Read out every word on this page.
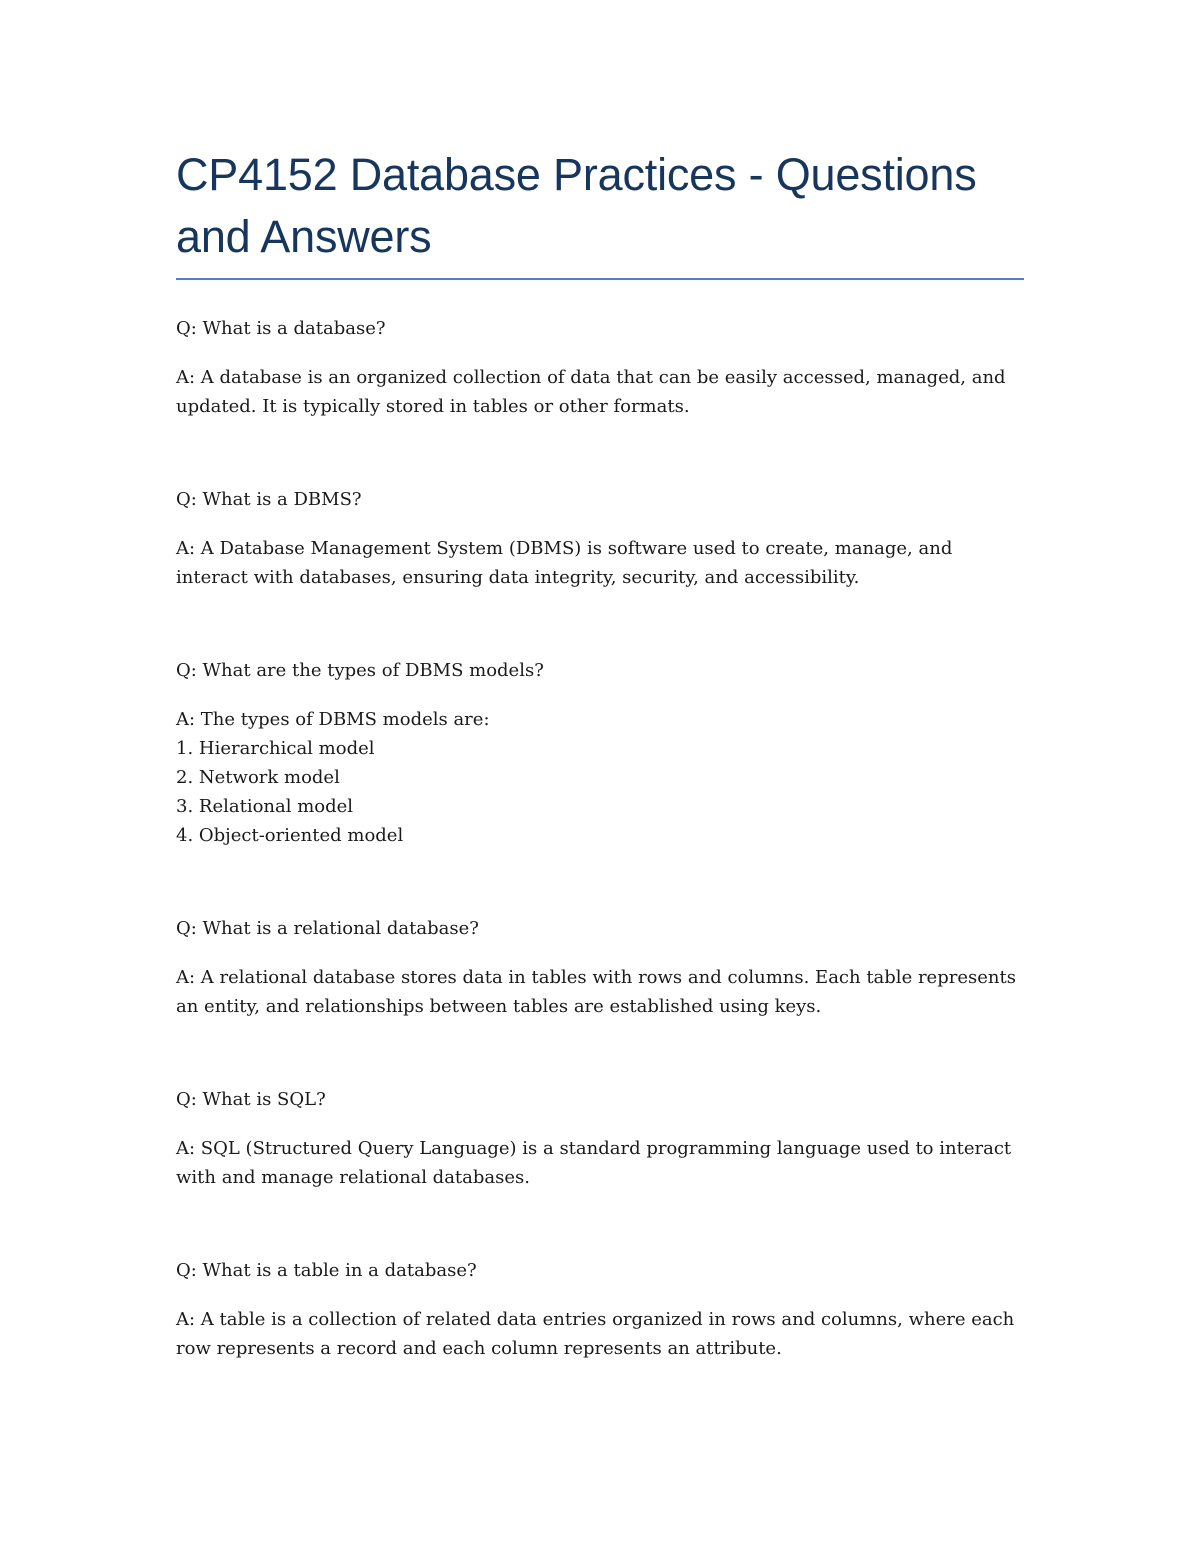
CP4152 Database Practices - Questions and Answers

Q: What is a database?

A: A database is an organized collection of data that can be easily accessed, managed, and updated. It is typically stored in tables or other formats.

Q: What is a DBMS?

A: A Database Management System (DBMS) is software used to create, manage, and interact with databases, ensuring data integrity, security, and accessibility.

Q: What are the types of DBMS models?

A: The types of DBMS models are:
1. Hierarchical model
2. Network model
3. Relational model
4. Object-oriented model

Q: What is a relational database?

A: A relational database stores data in tables with rows and columns. Each table represents an entity, and relationships between tables are established using keys.

Q: What is SQL?

A: SQL (Structured Query Language) is a standard programming language used to interact with and manage relational databases.

Q: What is a table in a database?

A: A table is a collection of related data entries organized in rows and columns, where each row represents a record and each column represents an attribute.
